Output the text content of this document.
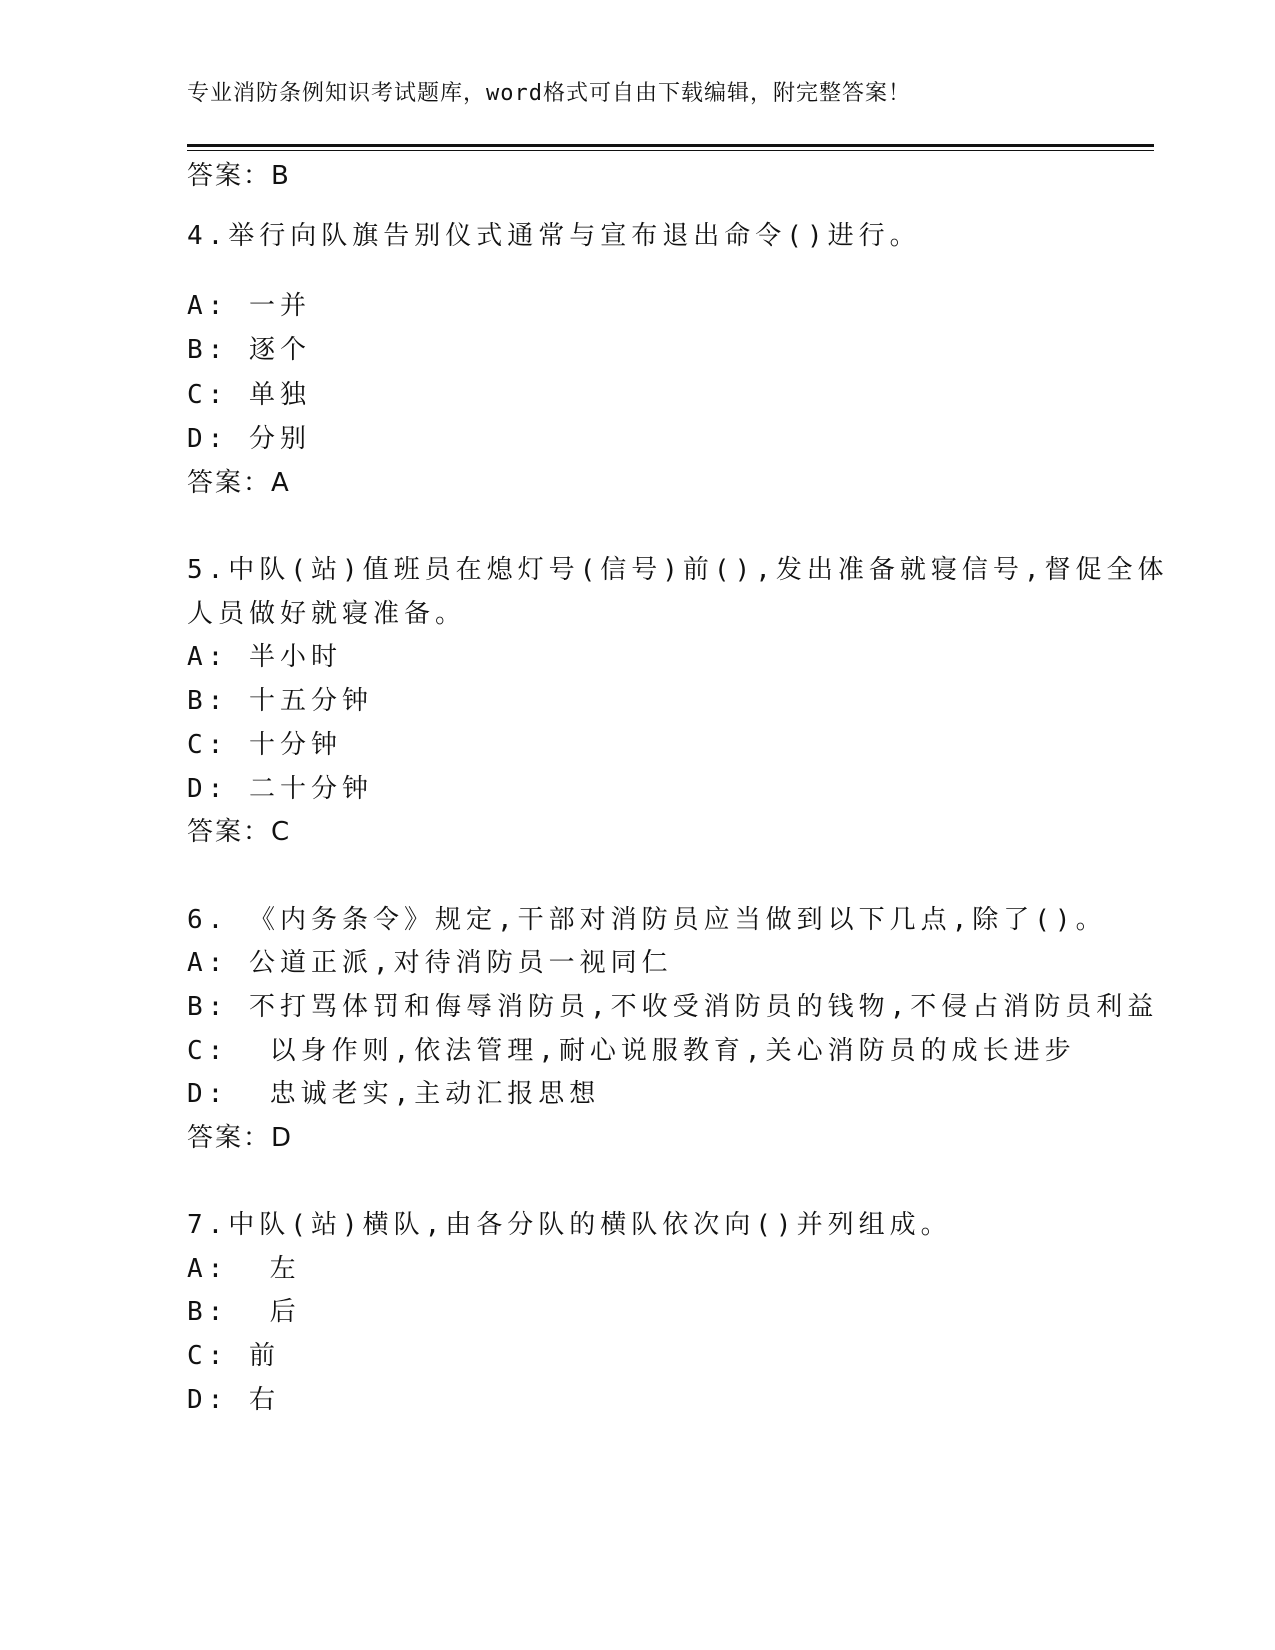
专业消防条例知识考试题库，word格式可自由下载编辑，附完整答案！
答案：B
4.举行向队旗告别仪式通常与宣布退出命令()进行。
A: 一并
B: 逐个
C: 单独
D: 分别
答案：A
5.中队(站)值班员在熄灯号(信号)前(),发出准备就寝信号,督促全体
人员做好就寝准备。
A: 半小时
B: 十五分钟
C: 十分钟
D: 二十分钟
答案：C
6. 《内务条令》规定,干部对消防员应当做到以下几点,除了()。
A: 公道正派,对待消防员一视同仁
B: 不打骂体罚和侮辱消防员,不收受消防员的钱物,不侵占消防员利益
C:  以身作则,依法管理,耐心说服教育,关心消防员的成长进步
D:  忠诚老实,主动汇报思想
答案：D
7.中队(站)横队,由各分队的横队依次向()并列组成。
A:  左
B:  后
C: 前
D: 右
